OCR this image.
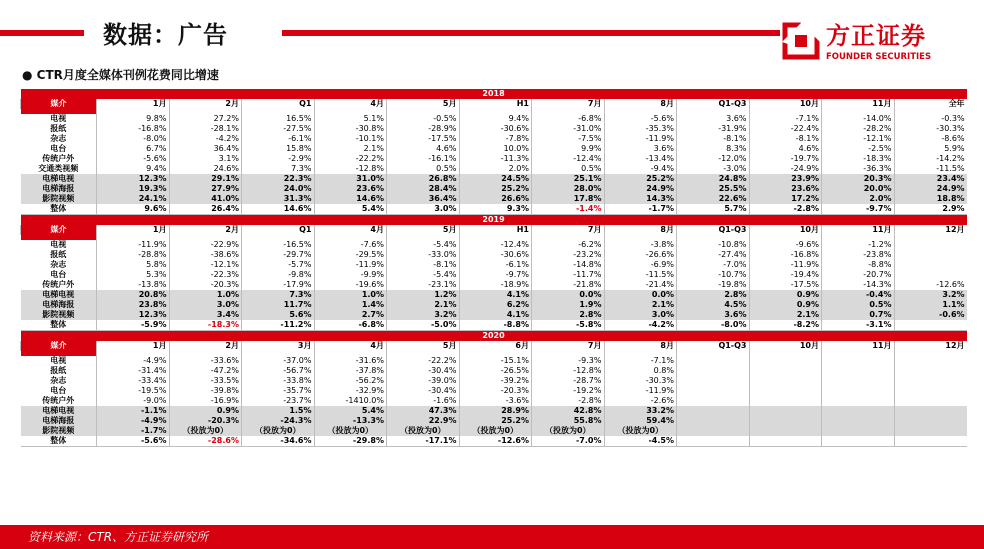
数据：广告	方正证券
FOUNDER SECURITIES
● CTR月度全媒体刊例花费同比增速
2018												
媒介	1月	2月	Q1	4月	5月	H1	7月	8月	Q1-Q3	10月	11月	全年

电视	9.8%	27.2%	16.5%	5.1%	-0.5%	9.4%	-6.8%	-5.6%	3.6%	-7.1%	-14.0%	-0.3%
报纸	-16.8%	-28.1%	-27.5%	-30.8%	-28.9%	-30.6%	-31.0%	-35.3%	-31.9%	-22.4%	-28.2%	-30.3%
杂志	-8.0%	-4.2%	-6.1%	-10.1%	-17.5%	-7.8%	-7.5%	-11.9%	-8.1%	-8.1%	-12.1%	-8.6%
电台	6.7%	36.4%	15.8%	2.1%	4.6%	10.0%	9.9%	3.6%	8.3%	4.6%	-2.5%	5.9%
传统户外	-5.6%	3.1%	-2.9%	-22.2%	-16.1%	-11.3%	-12.4%	-13.4%	-12.0%	-19.7%	-18.3%	-14.2%
交通类视频	9.4%	24.6%	7.3%	-12.8%	0.5%	2.0%	0.5%	-9.4%	-3.0%	-24.9%	-36.3%	-11.5%
电梯电视	12.3%	29.1%	22.3%	31.0%	26.8%	24.5%	25.1%	25.2%	24.8%	23.9%	20.3%	23.4%
电梯海报	19.3%	27.9%	24.0%	23.6%	28.4%	25.2%	28.0%	24.9%	25.5%	23.6%	20.0%	24.9%
影院视频	24.1%	41.0%	31.3%	14.6%	36.4%	26.6%	17.8%	14.3%	22.6%	17.2%	2.0%	18.8%
整体	9.6%	26.4%	14.6%	5.4%	3.0%	9.3%	-1.4%	-1.7%	5.7%	-2.8%	-9.7%	2.9%
2019												
媒介	1月	2月	Q1	4月	5月	H1	7月	8月	Q1-Q3	10月	11月	12月

电视	-11.9%	-22.9%	-16.5%	-7.6%	-5.4%	-12.4%	-6.2%	-3.8%	-10.8%	-9.6%	-1.2%	
报纸	-28.8%	-38.6%	-29.7%	-29.5%	-33.0%	-30.6%	-23.2%	-26.6%	-27.4%	-16.8%	-23.8%	
杂志	5.8%	-12.1%	-5.7%	-11.9%	-8.1%	-6.1%	-14.8%	-6.9%	-7.0%	-11.9%	-8.8%	
电台	5.3%	-22.3%	-9.8%	-9.9%	-5.4%	-9.7%	-11.7%	-11.5%	-10.7%	-19.4%	-20.7%	
传统户外	-13.8%	-20.3%	-17.9%	-19.6%	-23.1%	-18.9%	-21.8%	-21.4%	-19.8%	-17.5%	-14.3%	-12.6%
电梯电视	20.8%	1.0%	7.3%	1.0%	1.2%	4.1%	0.0%	0.0%	2.8%	0.9%	-0.4%	3.2%
电梯海报	23.8%	3.0%	11.7%	1.4%	2.1%	6.2%	1.9%	2.1%	4.5%	0.9%	0.5%	1.1%
影院视频	12.3%	3.4%	5.6%	2.7%	3.2%	4.1%	2.8%	3.0%	3.6%	2.1%	0.7%	-0.6%
整体	-5.9%	-18.3%	-11.2%	-6.8%	-5.0%	-8.8%	-5.8%	-4.2%	-8.0%	-8.2%	-3.1%	
2020												
媒介	1月	2月	3月	4月	5月	6月	7月	8月	Q1-Q3	10月	11月	12月

电视	-4.9%	-33.6%	-37.0%	-31.6%	-22.2%	-15.1%	-9.3%	-7.1%				
报纸	-31.4%	-47.2%	-56.7%	-37.8%	-30.4%	-26.5%	-12.8%	0.8%				
杂志	-33.4%	-33.5%	-33.8%	-56.2%	-39.0%	-39.2%	-28.7%	-30.3%				
电台	-19.5%	-39.8%	-35.7%	-32.9%	-30.4%	-20.3%	-19.2%	-11.9%				
传统户外	-9.0%	-16.9%	-23.7%	-1410.0%	-1.6%	-3.6%	-2.8%	-2.6%				
电梯电视	-1.1%	0.9%	1.5%	5.4%	47.3%	28.9%	42.8%	33.2%				
电梯海报	-4.9%	-20.3%	-24.3%	-13.3%	22.9%	25.2%	55.8%	59.4%				
影院视频	-1.7%	（投放为0）	（投放为0）	（投放为0）	（投放为0）	（投放为0）	（投放为0）	（投放为0）				
整体	-5.6%	-28.6%	-34.6%	-29.8%	-17.1%	-12.6%	-7.0%	-4.5%				
资料来源：CTR、方正证券研究所
